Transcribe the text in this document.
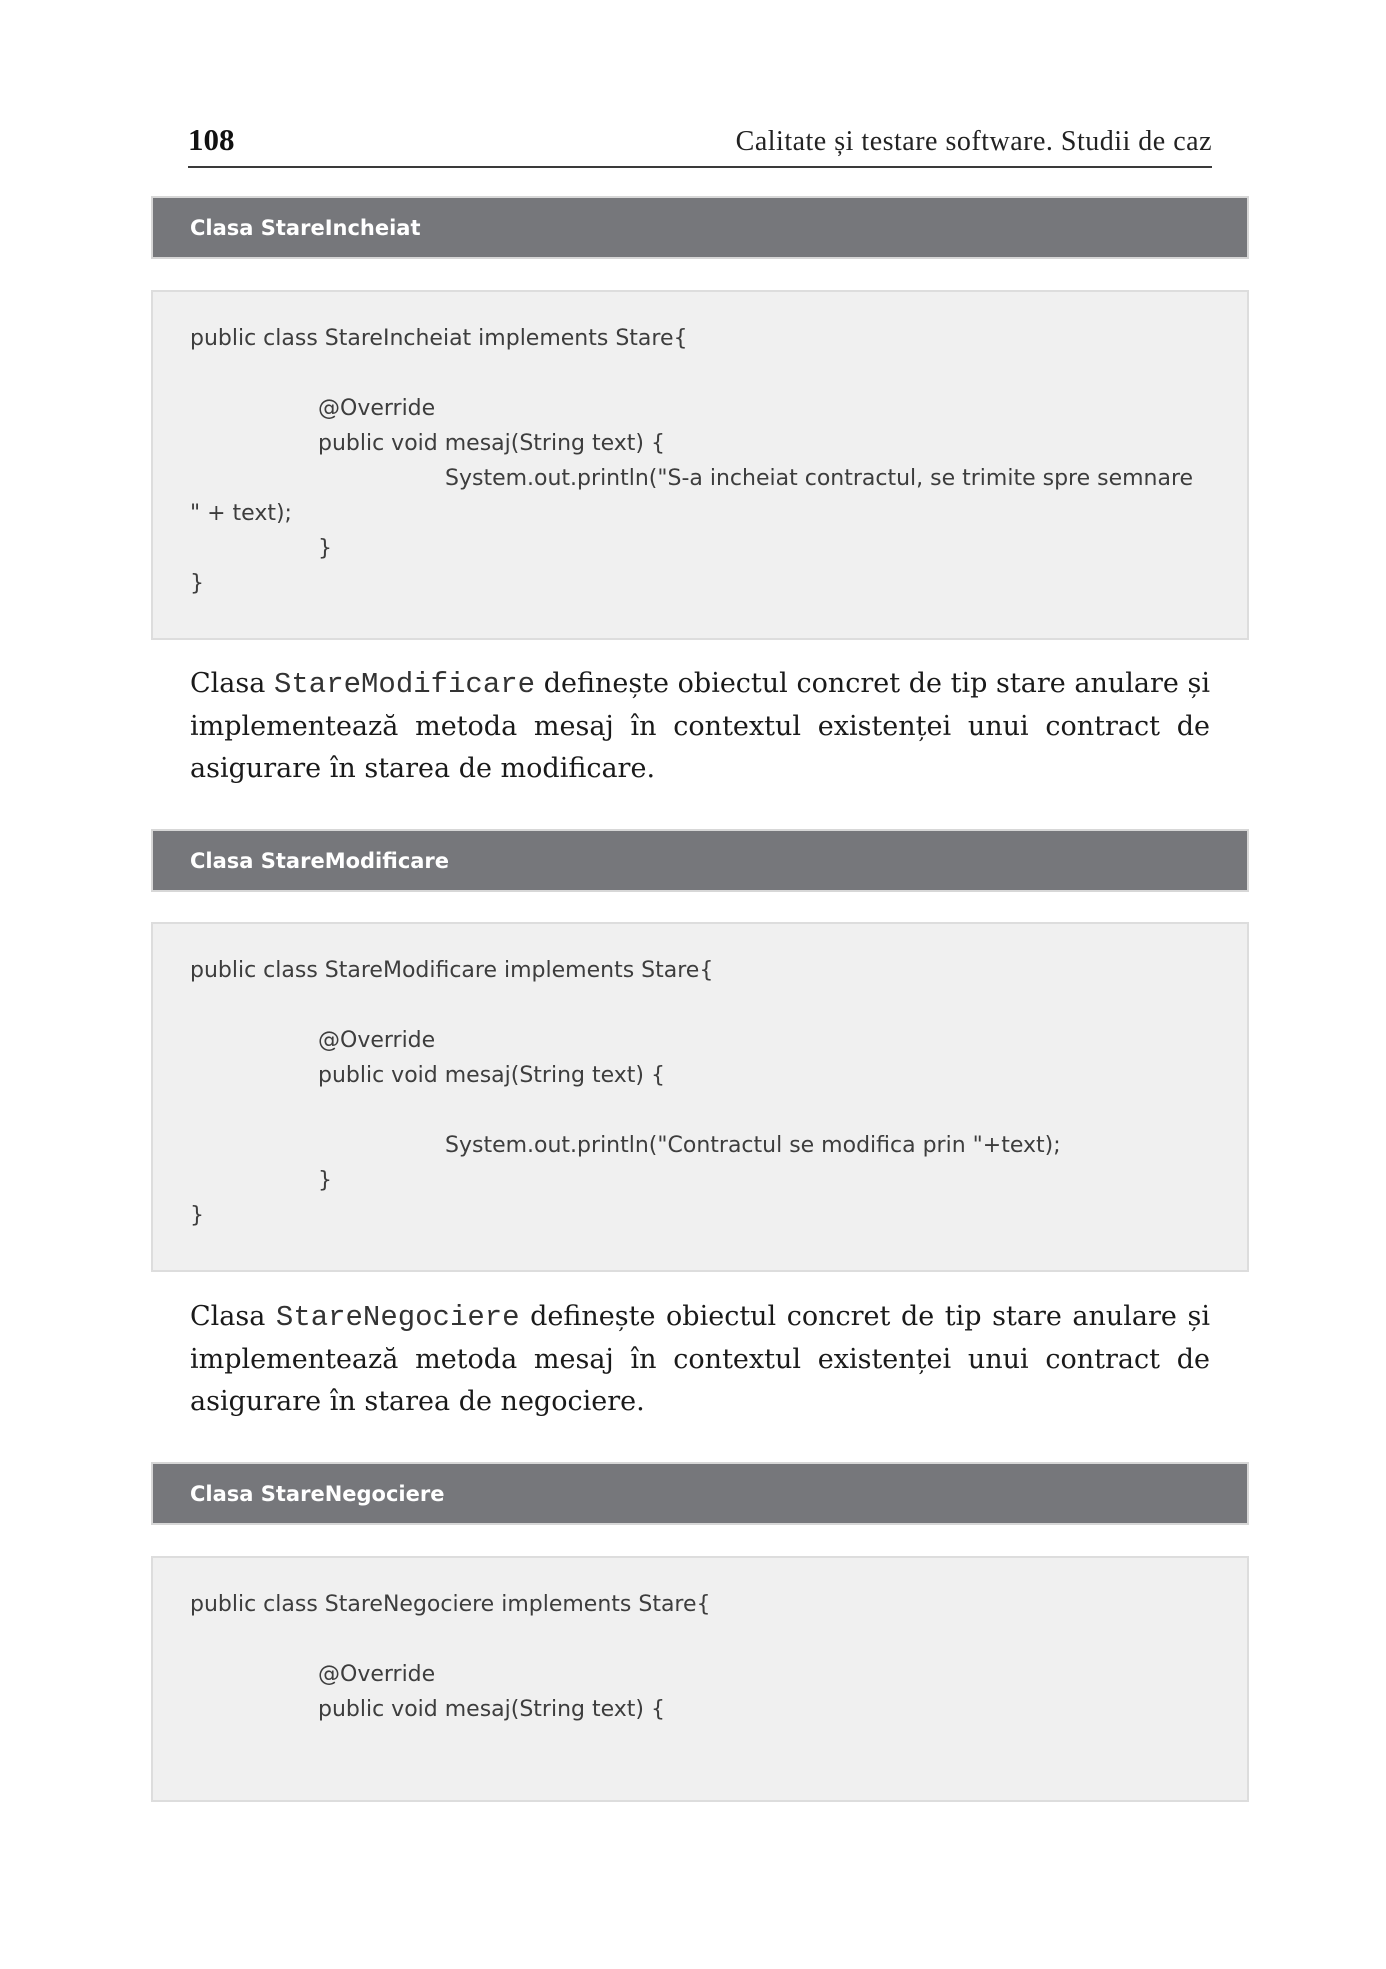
108	Calitate și testare software. Studii de caz
Clasa StareIncheiat
public class StareIncheiat implements Stare{
@Override
public void mesaj(String text) {
System.out.println("S-a incheiat contractul, se trimite spre semnare
" + text);
}
}

Clasa StareModificare definește obiectul concret de tip stare anulare și implementează metoda mesaj în contextul existenței unui contract de asigurare în starea de modificare.

Clasa StareModificare
public class StareModificare implements Stare{
@Override
public void mesaj(String text) {
System.out.println("Contractul se modifica prin "+text);
}
}

Clasa StareNegociere definește obiectul concret de tip stare anulare și implementează metoda mesaj în contextul existenței unui contract de asigurare în starea de negociere.

Clasa StareNegociere
public class StareNegociere implements Stare{
@Override
public void mesaj(String text) {
